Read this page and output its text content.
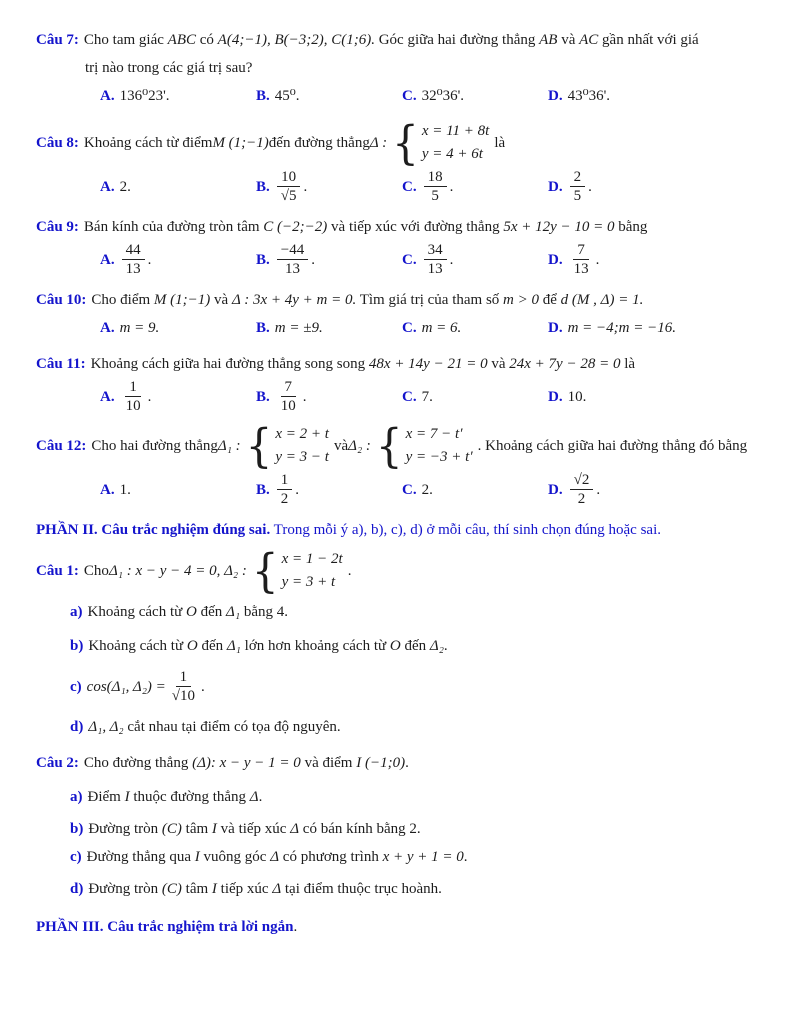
Câu 7: Cho tam giác ABC có A(4;−1), B(−3;2), C(1;6). Góc giữa hai đường thẳng AB và AC gần nhất với giá

trị nào trong các giá trị sau?

A. 136⁰23'.	B. 45⁰.	C. 32⁰36'.	D. 43⁰36'.
Câu 8: Khoảng cách từ điểm M (1;−1) đến đường thẳng Δ : { x = 11 + 8t
y = 4 + 6t
là
A. 2.	B. $\frac{10}{√5}$ .	C. $\frac{18}{5}$ .	D. $\frac{2}{5}$ .

Câu 9: Bán kính của đường tròn tâm C (−2;−2) và tiếp xúc với đường thẳng 5x + 12y − 10 = 0 bằng

A. $\frac{44}{13}$ .	B. $\frac{-44}{13}$ .	C. $\frac{34}{13}$ .	D. $\frac{7}{13}$ .

Câu 10: Cho điểm M (1;−1) và Δ : 3x + 4y + m = 0. Tìm giá trị của tham số m > 0 để d (M , Δ) = 1.

A. m = 9.	B. m = ±9.	C. m = 6.	D. m = −4;m = −16.

Câu 11: Khoảng cách giữa hai đường thẳng song song 48x + 14y − 21 = 0 và 24x + 7y − 28 = 0 là

A. $\frac{1}{10}$ .	B. $\frac{7}{10}$ .	C. 7.	D. 10.
Câu 12: Cho hai đường thẳng Δ₁ : { x = 2 + t
y = 3 − t
và Δ₂ : { x = 7 − t′
y = −3 + t′
. Khoảng cách giữa hai đường thẳng đó bằng
A. 1.	B. $\frac{1}{2}$ .	C. 2.	D. $\frac{√2}{2}$ .

PHẦN II. Câu trắc nghiệm đúng sai. Trong mỗi ý a), b), c), d) ở mỗi câu, thí sinh chọn đúng hoặc sai.

Câu 1: Cho Δ₁ : x − y − 4 = 0, Δ₂ : { x = 1 − 2t
y = 3 + t
.

a) Khoảng cách từ O đến Δ₁ bằng 4.

b) Khoảng cách từ O đến Δ₁ lớn hơn khoảng cách từ O đến Δ₂.

c) cos(Δ₁, $\Delta_2) = \frac{1}{√10}$ .

d) Δ₁, Δ₂ cắt nhau tại điểm có tọa độ nguyên.

Câu 2: Cho đường thẳng (Δ): x − y − 1 = 0 và điểm I (−1;0).

a) Điểm I thuộc đường thẳng Δ.

b) Đường tròn (C) tâm I và tiếp xúc Δ có bán kính bằng 2.

c) Đường thẳng qua I vuông góc Δ có phương trình x + y + 1 = 0.

d) Đường tròn (C) tâm I tiếp xúc Δ tại điểm thuộc trục hoành.

PHẦN III. Câu trắc nghiệm trả lời ngắn.
